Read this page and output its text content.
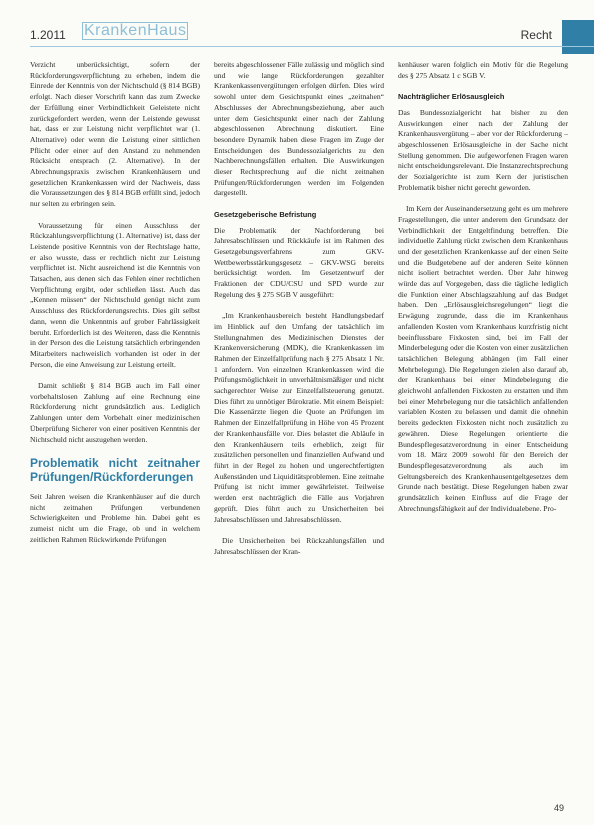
1.2011 KrankenHaus	Recht

Verzicht unberücksichtigt, sofern der Rückforderungsverpflichtung zu erheben, indem die Einrede der Kenntnis von der Nichtschuld (§ 814 BGB) erfolgt. Nach dieser Vorschrift kann das zum Zwecke der Erfüllung einer Verbindlichkeit Geleistete nicht zurückgefordert werden, wenn der Leistende gewusst hat, dass er zur Leistung nicht verpflichtet war (1. Alternative) oder wenn die Leistung einer sittlichen Pflicht oder einer auf den Anstand zu nehmenden Rücksicht entsprach (2. Alternative). In der Abrechnungspraxis zwischen Krankenhäusern und gesetzlichen Krankenkassen wird der Nachweis, dass die Voraussetzungen des § 814 BGB erfüllt sind, jedoch nur selten zu erbringen sein.

Voraussetzung für einen Ausschluss der Rückzahlungsverpflichtung (1. Alternative) ist, dass der Leistende positive Kenntnis von der Rechtslage hatte, er also wusste, dass er rechtlich nicht zur Leistung verpflichtet ist. Nicht ausreichend ist die Kenntnis von Tatsachen, aus denen sich das Fehlen einer rechtlichen Verpflichtung ergibt, oder schließen lässt. Auch das „Kennen müssen“ der Nichtschuld genügt nicht zum Ausschluss des Rückforderungsrechts. Dies gilt selbst dann, wenn die Unkenntnis auf grober Fahrlässigkeit beruht. Erforderlich ist des Weiteren, dass die Kenntnis in der Person des die Leistung tatsächlich erbringenden Mitarbeiters nachweislich vorhanden ist oder in der Person, die eine Anweisung zur Leistung erteilt.

Damit schließt § 814 BGB auch im Fall einer vorbehaltslosen Zahlung auf eine Rechnung eine Rückforderung nicht grundsätzlich aus. Lediglich Zahlungen unter dem Vorbehalt einer medizinischen Überprüfung Sicherer von einer positiven Kenntnis der Nichtschuld nicht auszugehen werden.

Problematik nicht zeitnaher Prüfungen/Rückforderungen

Seit Jahren weisen die Krankenhäuser auf die durch nicht zeitnahen Prüfungen verbundenen Schwierigkeiten und Probleme hin. Dabei geht es zumeist nicht um die Frage, ob und in welchem zeitlichen Rahmen Rückwirkende Prüfungen

bereits abgeschlossener Fälle zulässig und möglich sind und wie lange Rückforderungen gezahlter Krankenkassenvergütungen erfolgen dürfen. Dies wird sowohl unter dem Gesichtspunkt eines „zeitnahen“ Abschlusses der Abrechnungsbeziehung, aber auch unter dem Gesichtspunkt einer nach der Zahlung abgeschlossenen Abrechnung diskutiert. Eine besondere Dynamik haben diese Fragen im Zuge der Entscheidungen des Bundessozialgerichts zu den Nachberechnungsfällen erhalten. Die Auswirkungen dieser Rechtsprechung auf die nicht zeitnahen Prüfungen/Rückforderungen werden im Folgenden dargestellt.

Gesetzgeberische Befristung

Die Problematik der Nachforderung bei Jahresabschlüssen und Rückkäufe ist im Rahmen des Gesetzgebungsverfahrens zum GKV-Wettbewerbsstärkungsgesetz – GKV-WSG bereits berücksichtigt worden. Im Gesetzentwurf der Fraktionen der CDU/CSU und SPD wurde zur Regelung des § 275 SGB V ausgeführt:

„Im Krankenhausbereich besteht Handlungsbedarf im Hinblick auf den Umfang der tatsächlich im Stellungnahmen des Medizinischen Dienstes der Krankenversicherung (MDK), die Krankenkassen im Rahmen der Einzelfallprüfung nach § 275 Absatz 1 Nr. 1 anfordern. Von einzelnen Krankenkassen wird die Prüfungsmöglichkeit in unverhältnismäßiger und nicht sachgerechter Weise zur Einzelfallsteuerung genutzt. Dies führt zu unnötiger Bürokratie. Mit einem Beispiel: Die Kassenärzte liegen die Quote an Prüfungen im Rahmen der Einzelfallprüfung in Höhe von 45 Prozent der Krankenhausfälle vor. Dies belastet die Abläufe in den Krankenhäusern teils erheblich, zeigt für zusätzlichen personellen und finanziellen Aufwand und führt in der Regel zu hohen und ungerechtfertigten Außenständen und Liquiditätsproblemen. Eine zeitnahe Prüfung ist nicht immer gewährleistet. Teilweise werden erst nachträglich die Fälle aus Vorjahren geprüft. Dies führt auch zu Unsicherheiten bei Jahresabschlüssen und Jahresabschlüssen.

Die Unsicherheiten bei Rückzahlungsfällen und Jahresabschlüssen der Kran-

kenhäuser waren folglich ein Motiv für die Regelung des § 275 Absatz 1 c SGB V.

Nachträglicher Erlösausgleich

Das Bundessozialgericht hat bisher zu den Auswirkungen einer nach der Zahlung der Krankenhausvergütung – aber vor der Rückforderung – abgeschlossenen Erlösausgleiche in der Sache nicht Stellung genommen. Die aufgeworfenen Fragen waren nicht entscheidungsrelevant. Die Instanzrechtsprechung der Sozialgerichte ist zum Kern der juristischen Problematik bisher nicht gerecht geworden.

Im Kern der Auseinandersetzung geht es um mehrere Fragestellungen, die unter anderem den Grundsatz der Verbindlichkeit der Entgeltfindung betreffen. Die individuelle Zahlung rückt zwischen dem Krankenhaus und der gesetzlichen Krankenkasse auf der einen Seite und die Budgetebene auf der anderen Seite können nicht isoliert betrachtet werden. Über Jahr hinweg würde das auf Vorgegeben, dass die tägliche lediglich die Funktion einer Abschlagszahlung auf das Budget haben. Den „Erlösausgleichsregelungen“ liegt die Erwägung zugrunde, dass die im Krankenhaus anfallenden Kosten vom Krankenhaus kurzfristig nicht beeinflussbare Fixkosten sind, bei im Fall der Minderbelegung oder die Kosten von einer zusätzlichen tatsächlichen Belegung abhängen (im Fall einer Mehrbelegung). Die Regelungen zielen also darauf ab, der Krankenhaus bei einer Mindebelegung die gleichwohl anfallenden Fixkosten zu erstatten und ihm bei einer Mehrbelegung nur die tatsächlich anfallenden variablen Kosten zu belassen und damit die ohnehin bereits gedeckten Fixkosten nicht noch zusätzlich zu gewähren. Diese Regelungen orientierte die Bundespflegesatzverordnung in einer Entscheidung vom 18. März 2009 sowohl für den Bereich der Bundespflegesatzverordnung als auch im Geltungsbereich des Krankenhausentgeltgesetzes dem Grunde nach bestätigt. Diese Regelungen haben zwar grundsätzlich keinen Einfluss auf die Frage der Abrechnungsfähigkeit auf der Individualebene. Pro-

49
